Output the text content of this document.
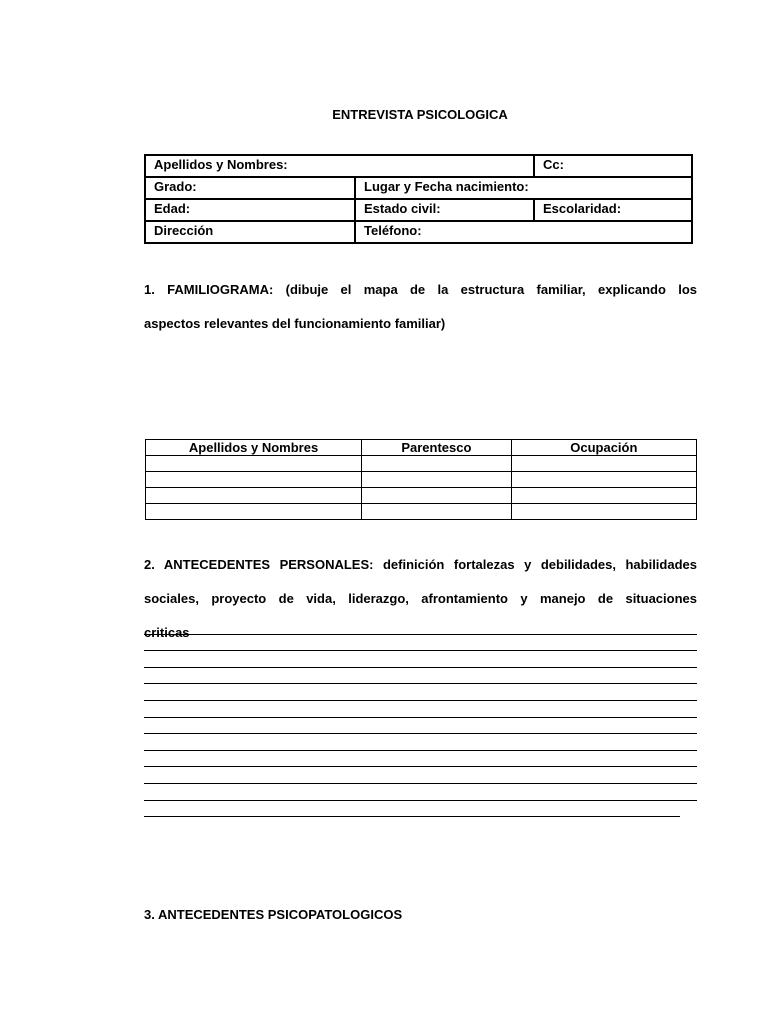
ENTREVISTA PSICOLOGICA
Apellidos y Nombres:		Cc:
Grado:	Lugar y Fecha nacimiento:	
Edad:	Estado civil:	Escolaridad:
Dirección	Teléfono:	
1. FAMILIOGRAMA: (dibuje el mapa de la estructura familiar, explicando los
aspectos relevantes del funcionamiento familiar)
Apellidos y Nombres	Parentesco	Ocupación

2. ANTECEDENTES PERSONALES: definición fortalezas y debilidades, habilidades
sociales, proyecto de vida, liderazgo, afrontamiento y manejo de situaciones
criticas
3. ANTECEDENTES PSICOPATOLOGICOS
